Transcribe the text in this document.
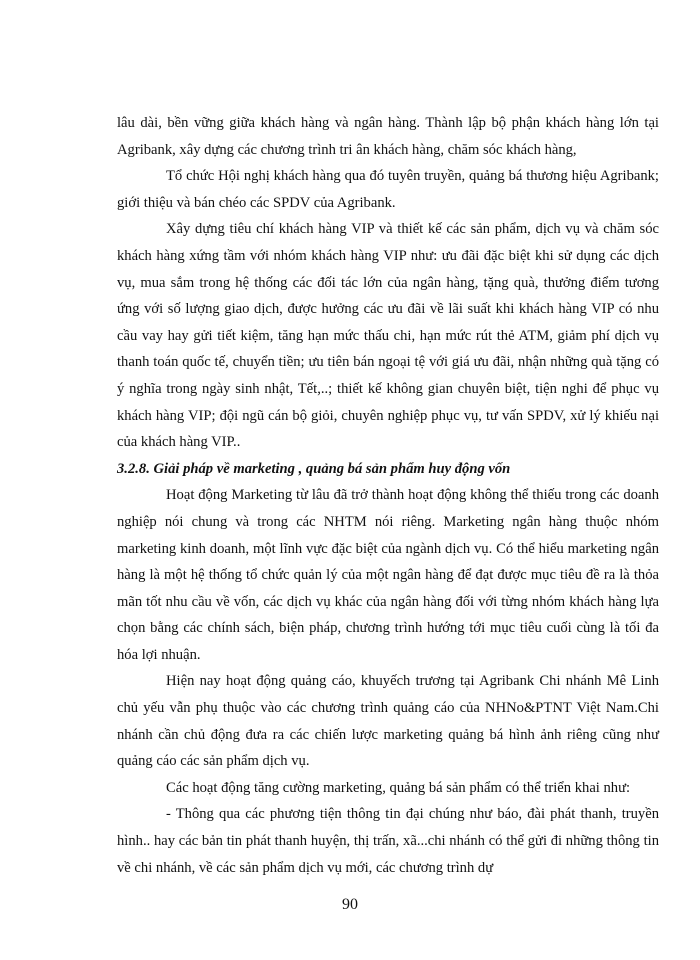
lâu dài, bền vững giữa khách hàng và ngân hàng. Thành lập bộ phận khách hàng lớn tại Agribank, xây dựng các chương trình tri ân khách hàng, chăm sóc khách hàng,

Tổ chức Hội nghị khách hàng qua đó tuyên truyền, quảng bá thương hiệu Agribank; giới thiệu và bán chéo các SPDV của Agribank.

Xây dựng tiêu chí khách hàng VIP và thiết kế các sản phẩm, dịch vụ và chăm sóc khách hàng xứng tầm với nhóm khách hàng VIP như: ưu đãi đặc biệt khi sử dụng các dịch vụ, mua sắm trong hệ thống các đối tác lớn của ngân hàng, tặng quà, thưởng điểm tương ứng với số lượng giao dịch, được hưởng các ưu đãi về lãi suất khi khách hàng VIP có nhu cầu vay hay gửi tiết kiệm, tăng hạn mức thấu chi, hạn mức rút thẻ ATM, giảm phí dịch vụ thanh toán quốc tế, chuyển tiền; ưu tiên bán ngoại tệ với giá ưu đãi, nhận những quà tặng có ý nghĩa trong ngày sinh nhật, Tết,..; thiết kế không gian chuyên biệt, tiện nghi để phục vụ khách hàng VIP; đội ngũ cán bộ giỏi, chuyên nghiệp phục vụ, tư vấn SPDV, xử lý khiếu nại của khách hàng VIP..

3.2.8. Giải pháp về marketing , quảng bá sản phẩm huy động vốn

Hoạt động Marketing từ lâu đã trở thành hoạt động không thể thiếu trong các doanh nghiệp nói chung và trong các NHTM nói riêng. Marketing ngân hàng thuộc nhóm marketing kinh doanh, một lĩnh vực đặc biệt của ngành dịch vụ. Có thể hiểu marketing ngân hàng là một hệ thống tổ chức quản lý của một ngân hàng để đạt được mục tiêu đề ra là thỏa mãn tốt nhu cầu về vốn, các dịch vụ khác của ngân hàng đối với từng nhóm khách hàng lựa chọn bằng các chính sách, biện pháp, chương trình hướng tới mục tiêu cuối cùng là tối đa hóa lợi nhuận.

Hiện nay hoạt động quảng cáo, khuyếch trương tại Agribank Chi nhánh Mê Linh chủ yếu vẫn phụ thuộc vào các chương trình quảng cáo của NHNo&PTNT Việt Nam.Chi nhánh cần chủ động đưa ra các chiến lược marketing quảng bá hình ảnh riêng cũng như quảng cáo các sản phẩm dịch vụ.

Các hoạt động tăng cường marketing, quảng bá sản phẩm có thể triển khai như:

- Thông qua các phương tiện thông tin đại chúng như báo, đài phát thanh, truyền hình.. hay các bản tin phát thanh huyện, thị trấn, xã...chi nhánh có thể gửi đi những thông tin về chi nhánh, về các sản phẩm dịch vụ mới, các chương trình dự

90
